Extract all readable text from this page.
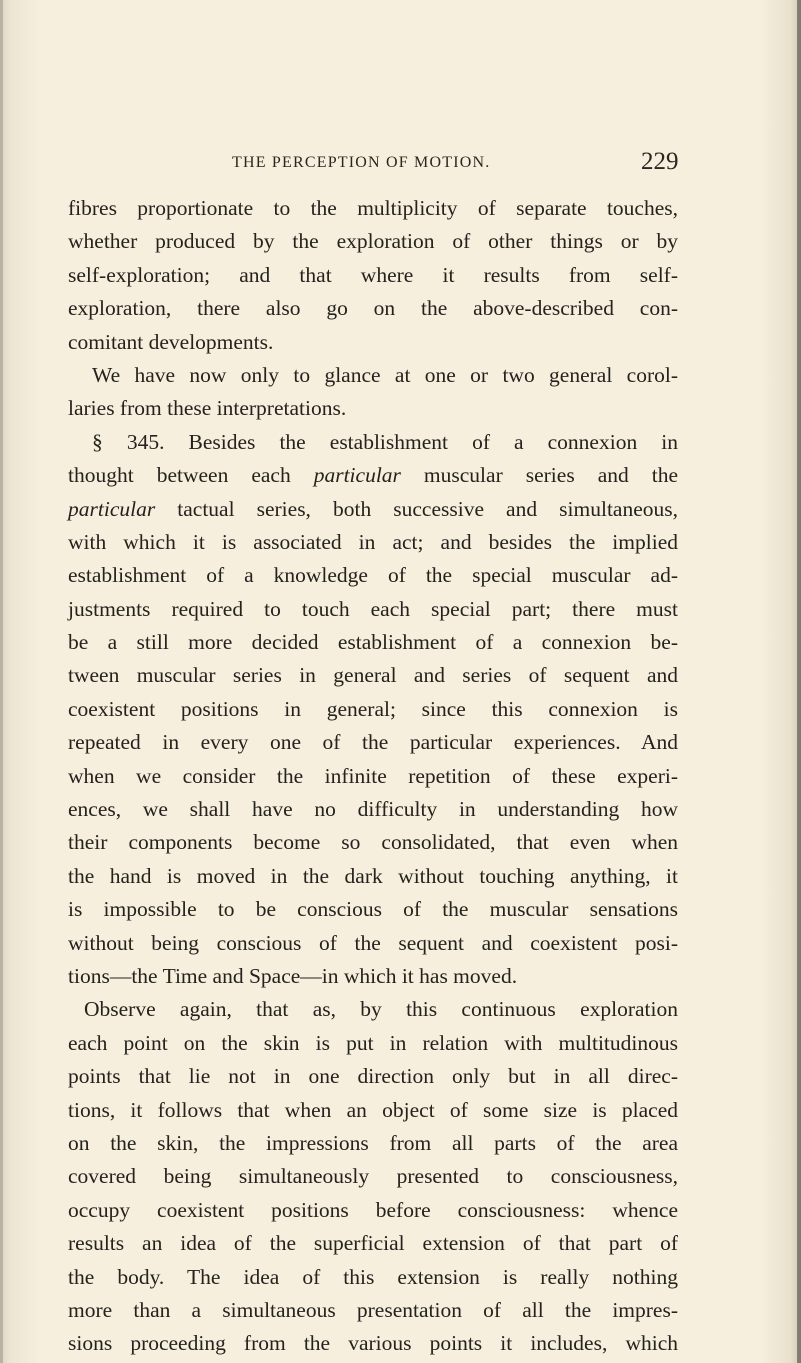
THE PERCEPTION OF MOTION.	229
fibres proportionate to the multiplicity of separate touches,
whether produced by the exploration of other things or by
self-exploration; and that where it results from self-
exploration, there also go on the above-described con-
comitant developments.
We have now only to glance at one or two general corol-
laries from these interpretations.
§ 345. Besides the establishment of a connexion in
thought between each particular muscular series and the
particular tactual series, both successive and simultaneous,
with which it is associated in act; and besides the implied
establishment of a knowledge of the special muscular ad-
justments required to touch each special part; there must
be a still more decided establishment of a connexion be-
tween muscular series in general and series of sequent and
coexistent positions in general; since this connexion is
repeated in every one of the particular experiences. And
when we consider the infinite repetition of these experi-
ences, we shall have no difficulty in understanding how
their components become so consolidated, that even when
the hand is moved in the dark without touching anything, it
is impossible to be conscious of the muscular sensations
without being conscious of the sequent and coexistent posi-
tions—the Time and Space—in which it has moved.
Observe again, that as, by this continuous exploration
each point on the skin is put in relation with multitudinous
points that lie not in one direction only but in all direc-
tions, it follows that when an object of some size is placed
on the skin, the impressions from all parts of the area
covered being simultaneously presented to consciousness,
occupy coexistent positions before consciousness: whence
results an idea of the superficial extension of that part of
the body. The idea of this extension is really nothing
more than a simultaneous presentation of all the impres-
sions proceeding from the various points it includes, which
